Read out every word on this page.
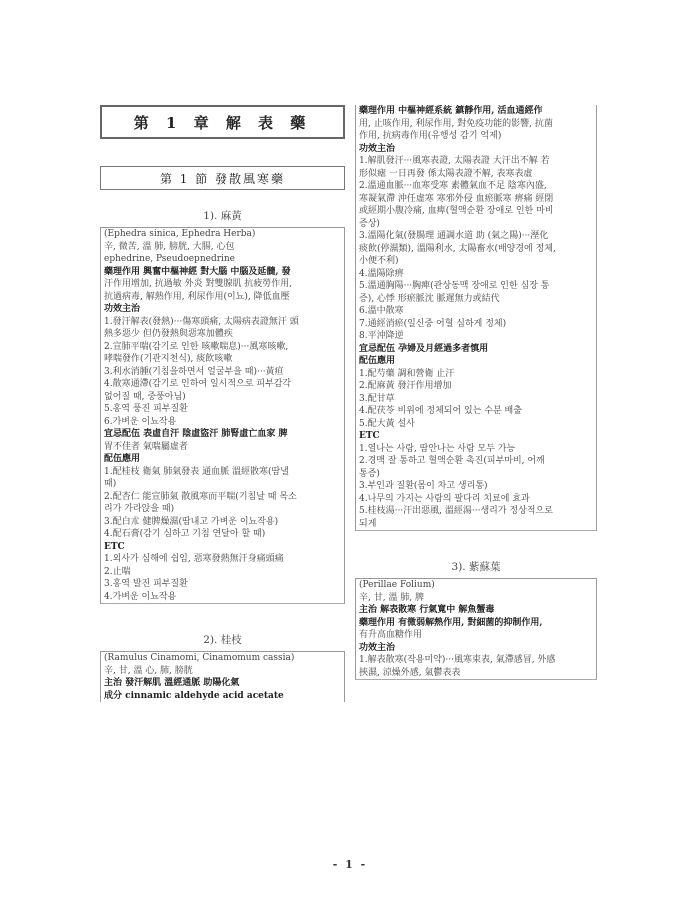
第 1 章 解 表 藥
第 1 節 發散風寒藥
1). 麻黃
(Ephedra sinica, Ephedra Herba)
辛, 微苦, 溫 肺, 膀胱, 大腸, 心包
ephedrine, Pseudoepnedrine
藥理作用 興奮中樞神經 對大腦 中腦及延髓, 發
汗作用增加, 抗過敏 外炎 對雙腺肌 抗疲勞作用,
抗過病毒, 解熱作用, 利尿作用(이뇨), 降低血壓
功效主治
1.發汗解表(發熱)···傷寒頭痛, 太陽病表證無汗 頭
熱多惡少 但仍發熱與惡寒加體疾
2.宣肺平喘(감기로 인한 咳嗽喘息)···風寒咳嗽,
哮喘發作(기관지천식), 痰飲咳嗽
3.利水消腫(기침을하면서 얼굴부을 때)···黃疸
4.散寒通滯(감기로 인하여 일시적으로 피부감각
없어질 때, 중풍아님)
5.홍역 풍진 피부질환
6.가벼운 이뇨작용
宜忌配伍 表虛自汗 陰虛盜汗 肺腎虛亡血家 脾
胃不佳者 氣喘屬虛者
配伍應用
1.配桂枝 衛氣 肺氣發表 通血脈 溫經散寒(땀낼
때)
2.配杏仁 能宣肺氣 散風寒而平喘(기침날 때 목소
리가 가라앉을 때)
3.配白朮 健脾燥濕(땀내고 가벼운 이뇨작용)
4.配石膏(감기 심하고 기침 연달아 할 때)
ETC
1.외사가 심해에 쉽임, 惡寒發熱無汗身痛頭痛
2.止喘
3.홍역 발진 피부질환
4.가벼운 이뇨작용
2). 桂枝
(Ramulus Cinamomi, Cinamomum cassia)
辛, 甘, 溫 心, 肺, 膀胱
主治 發汗解肌 溫經通脈 助陽化氣
成分 cinnamic aldehyde acid acetate
藥理作用 中樞神經系統 鎮靜作用, 活血通經作
用, 止咳作用, 利尿作用, 對免疫功能的影響, 抗菌
作用, 抗病毒作用(유행성 감기 억제)
功效主治
1.解肌發汗···風寒表證, 太陽表證 大汗出不解 若
形似瘧 一日再發 係太陽表證不解, 表寒表虛
2.溫通血脈···血寒受寒 素體氣血不足 陰寒內盛,
寒凝氣滯 沖任虛寒 寒邪外侵 血瘀脈寒 痹痛 經閉
或經期小腹冷痛, 血痺(혈액순환 장애로 인한 마비
증상)
3.溫陽化氣(發腸理 通調水道 助 (氣之陽)···溼化
痰飲(停濕類), 溫陽利水, 太陽畜水(배양경에 정체,
小便不利)
4.溫陽除痹
5.溫通胸陽···胸痺(관상동맥 장애로 인한 심장 통
증), 心悸 形瘀脈沈 脈遲無力或結代
6.溫中散寒
7.通經消瘀(일신중 어혈 심하게 정체)
8.平沖降逆
宜忌配伍 孕婦及月經過多者慎用
配伍應用
1.配芍藥 調和營衛 止汗
2.配麻黃 發汗作用增加
3.配甘草
4.配茯苓 비위에 정체되어 있는 수분 배출
5.配大黃 설사
ETC
1.열나는 사람, 땀안나는 사람 모두 가능
2.경맥 잘 통하고 혈액순환 촉진(피부마비, 어깨
통증)
3.부인과 질환(몸이 차고 생리통)
4.나무의 가지는 사람의 팔다리 치료에 효과
5.桂枝湯···汗出惡風, 溫經湯···생리가 정상적으로
되게
3). 紫蘇葉
(Perillae Folium)
辛, 甘, 溫 肺, 脾
主治 解表散寒 行氣寬中 解魚蟹毒
藥理作用 有微弱解熱作用, 對細菌的抑制作用,
有升高血糖作用
功效主治
1.解表散寒(작용미약)···風寒束表, 氣滯感冒, 外感
挾濕, 涼燥外感, 氣鬱表表
- 1 -
